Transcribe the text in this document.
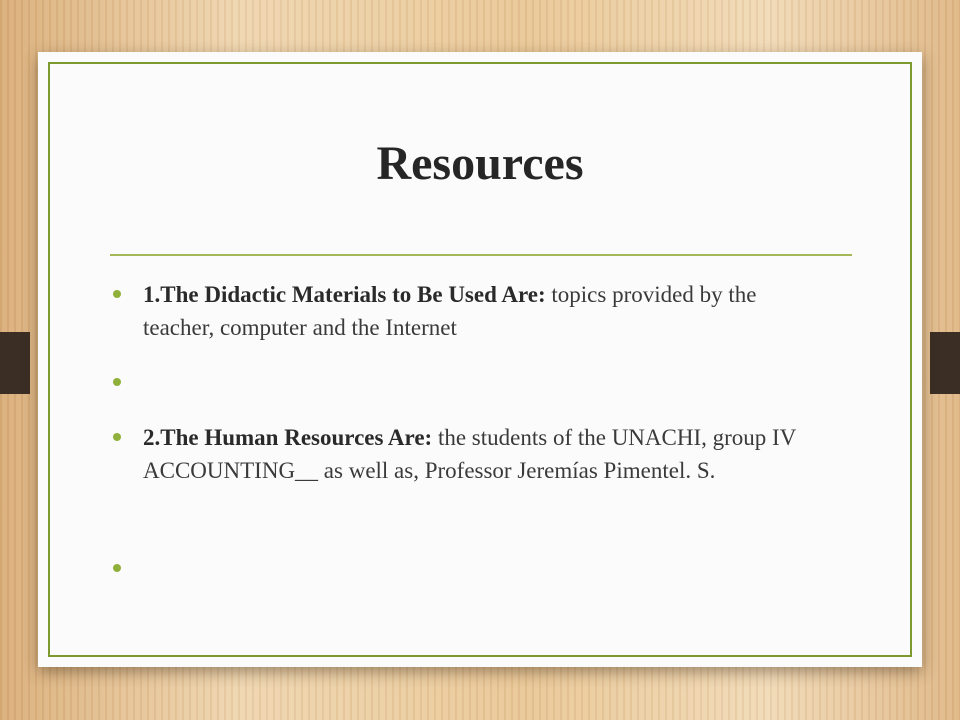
Resources
1.The Didactic Materials to Be Used Are: topics provided by the teacher, computer and the Internet
2.The Human Resources Are: the students of the UNACHI, group IV ACCOUNTING__ as well as, Professor Jeremías Pimentel. S.
